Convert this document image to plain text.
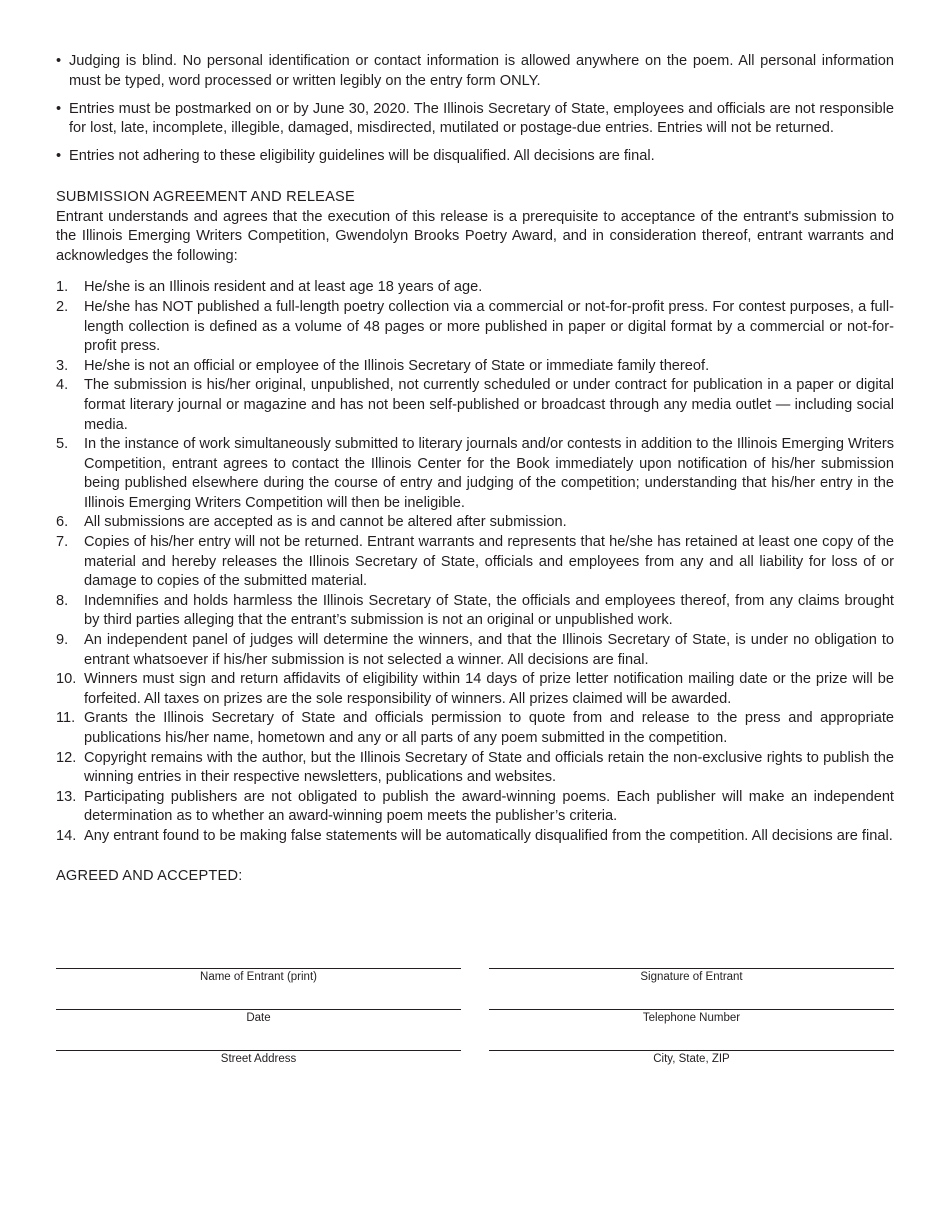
• Judging is blind. No personal identification or contact information is allowed anywhere on the poem. All personal information must be typed, word processed or written legibly on the entry form ONLY.
• Entries must be postmarked on or by June 30, 2020. The Illinois Secretary of State, employees and officials are not responsible for lost, late, incomplete, illegible, damaged, misdirected, mutilated or postage-due entries. Entries will not be returned.
• Entries not adhering to these eligibility guidelines will be disqualified. All decisions are final.
SUBMISSION AGREEMENT AND RELEASE

Entrant understands and agrees that the execution of this release is a prerequisite to acceptance of the entrant's submission to the Illinois Emerging Writers Competition, Gwendolyn Brooks Poetry Award, and in consideration thereof, entrant warrants and acknowledges the following:

1. He/she is an Illinois resident and at least age 18 years of age.
2. He/she has NOT published a full-length poetry collection via a commercial or not-for-profit press. For contest purposes, a full-length collection is defined as a volume of 48 pages or more published in paper or digital format by a commercial or not-for-profit press.
3. He/she is not an official or employee of the Illinois Secretary of State or immediate family thereof.
4. The submission is his/her original, unpublished, not currently scheduled or under contract for publication in a paper or digital format literary journal or magazine and has not been self-published or broadcast through any media outlet — including social media.
5. In the instance of work simultaneously submitted to literary journals and/or contests in addition to the Illinois Emerging Writers Competition, entrant agrees to contact the Illinois Center for the Book immediately upon notification of his/her submission being published elsewhere during the course of entry and judging of the competition; understanding that his/her entry in the Illinois Emerging Writers Competition will then be ineligible.
6. All submissions are accepted as is and cannot be altered after submission.
7. Copies of his/her entry will not be returned. Entrant warrants and represents that he/she has retained at least one copy of the material and hereby releases the Illinois Secretary of State, officials and employees from any and all liability for loss of or damage to copies of the submitted material.
8. Indemnifies and holds harmless the Illinois Secretary of State, the officials and employees thereof, from any claims brought by third parties alleging that the entrant’s submission is not an original or unpublished work.
9. An independent panel of judges will determine the winners, and that the Illinois Secretary of State, is under no obligation to entrant whatsoever if his/her submission is not selected a winner. All decisions are final.
10. Winners must sign and return affidavits of eligibility within 14 days of prize letter notification mailing date or the prize will be forfeited. All taxes on prizes are the sole responsibility of winners. All prizes claimed will be awarded.
11. Grants the Illinois Secretary of State and officials permission to quote from and release to the press and appropriate publications his/her name, hometown and any or all parts of any poem submitted in the competition.
12. Copyright remains with the author, but the Illinois Secretary of State and officials retain the non-exclusive rights to publish the winning entries in their respective newsletters, publications and websites.
13. Participating publishers are not obligated to publish the award-winning poems. Each publisher will make an independent determination as to whether an award-winning poem meets the publisher’s criteria.
14. Any entrant found to be making false statements will be automatically disqualified from the competition. All decisions are final.
AGREED AND ACCEPTED:
Name of Entrant (print)	Signature of Entrant
Date	Telephone Number
Street Address	City, State, ZIP
